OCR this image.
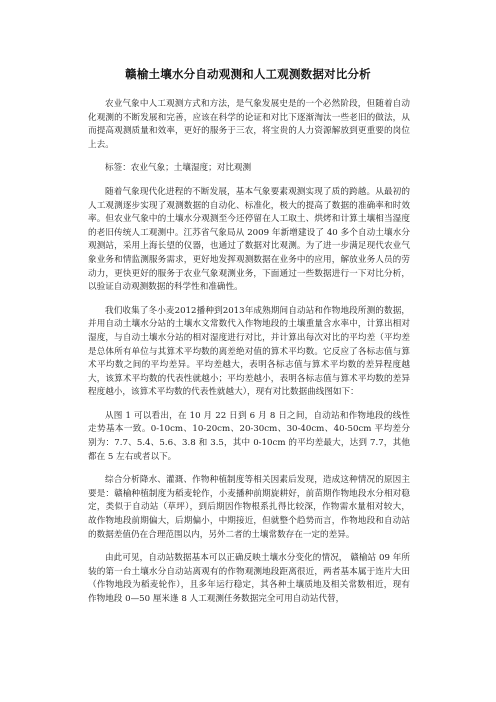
赣榆土壤水分自动观测和人工观测数据对比分析

农业气象中人工观测方式和方法，是气象发展史是的一个必然阶段，但随着自动化观测的不断发展和完善，应该在科学的论证和对比下逐渐淘汰一些老旧的做法，从而提高观测质量和效率，更好的服务于三农，将宝贵的人力资源解放到更重要的岗位上去。

标签：农业气象；土壤湿度；对比观测

随着气象现代化进程的不断发展，基本气象要素观测实现了质的跨越。从最初的人工观测逐步实现了观测数据的自动化、标准化，极大的提高了数据的准确率和时效率。但农业气象中的土壤水分观测至今还停留在人工取土、烘烤和计算土壤相当湿度的老旧传统人工观测中。江苏省气象局从 2009 年新增建设了 40 多个自动土壤水分观测站，采用上海长望的仪器，也通过了数据对比观测。为了进一步满足现代农业气象业务和情监测服务需求，更好地发挥观测数据在业务中的应用，解放业务人员的劳动力，更快更好的服务于农业气象观测业务，下面通过一些数据进行一下对比分析，以验证自动观测数据的科学性和准确性。

我们收集了冬小麦2012播种到2013年成熟期间自动站和作物地段所测的数据，并用自动土壤水分站的土壤水文常数代入作物地段的土壤重量含水率中，计算出相对湿度，与自动土壤水分站的相对湿度进行对比，并计算出每次对比的平均差（平均差是总体所有单位与其算术平均数的离差绝对值的算术平均数。它反应了各标志值与算术平均数之间的平均差异。平均差越大，表明各标志值与算术平均数的差异程度越大，该算术平均数的代表性就越小；平均差越小，表明各标志值与算术平均数的差异程度越小，该算术平均数的代表性就越大），现有对比数据曲线图如下：

从图 1 可以看出，在 10 月 22 日到 6 月 8 日之间，自动站和作物地段的线性走势基本一致。0-10cm、10-20cm、20-30cm、30-40cm、40-50cm 平均差分别为：7.7、5.4、5.6、3.8 和 3.5，其中 0-10cm 的平均差最大，达到 7.7，其他都在 5 左右或者以下。

综合分析降水、灌溉、作物种植制度等相关因素后发现，造成这种情况的原因主要是：赣榆种植制度为稻麦轮作，小麦播种前期旋耕好，前苗期作物地段水分相对稳定，类似于自动站（草坪），到后期因作物根系扎得比较深，作物需水量相对较大，故作物地段前期偏大，后期偏小，中期接近，但就整个趋势而言，作物地段和自动站的数据差值仍在合理范围以内，另外二者的土壤常数存在一定的差异。

由此可见，自动站数据基本可以正确反映土壤水分变化的情况， 赣榆站 09 年所装的第一台土壤水分自动站离观有的作物观测地段距离很近，两者基本属于连片大田（作物地段为稻麦轮作），且多年运行稳定，其各种土壤质地及相关常数相近，现有作物地段 0—50 厘米逢 8 人工观测任务数据完全可用自动站代替，
